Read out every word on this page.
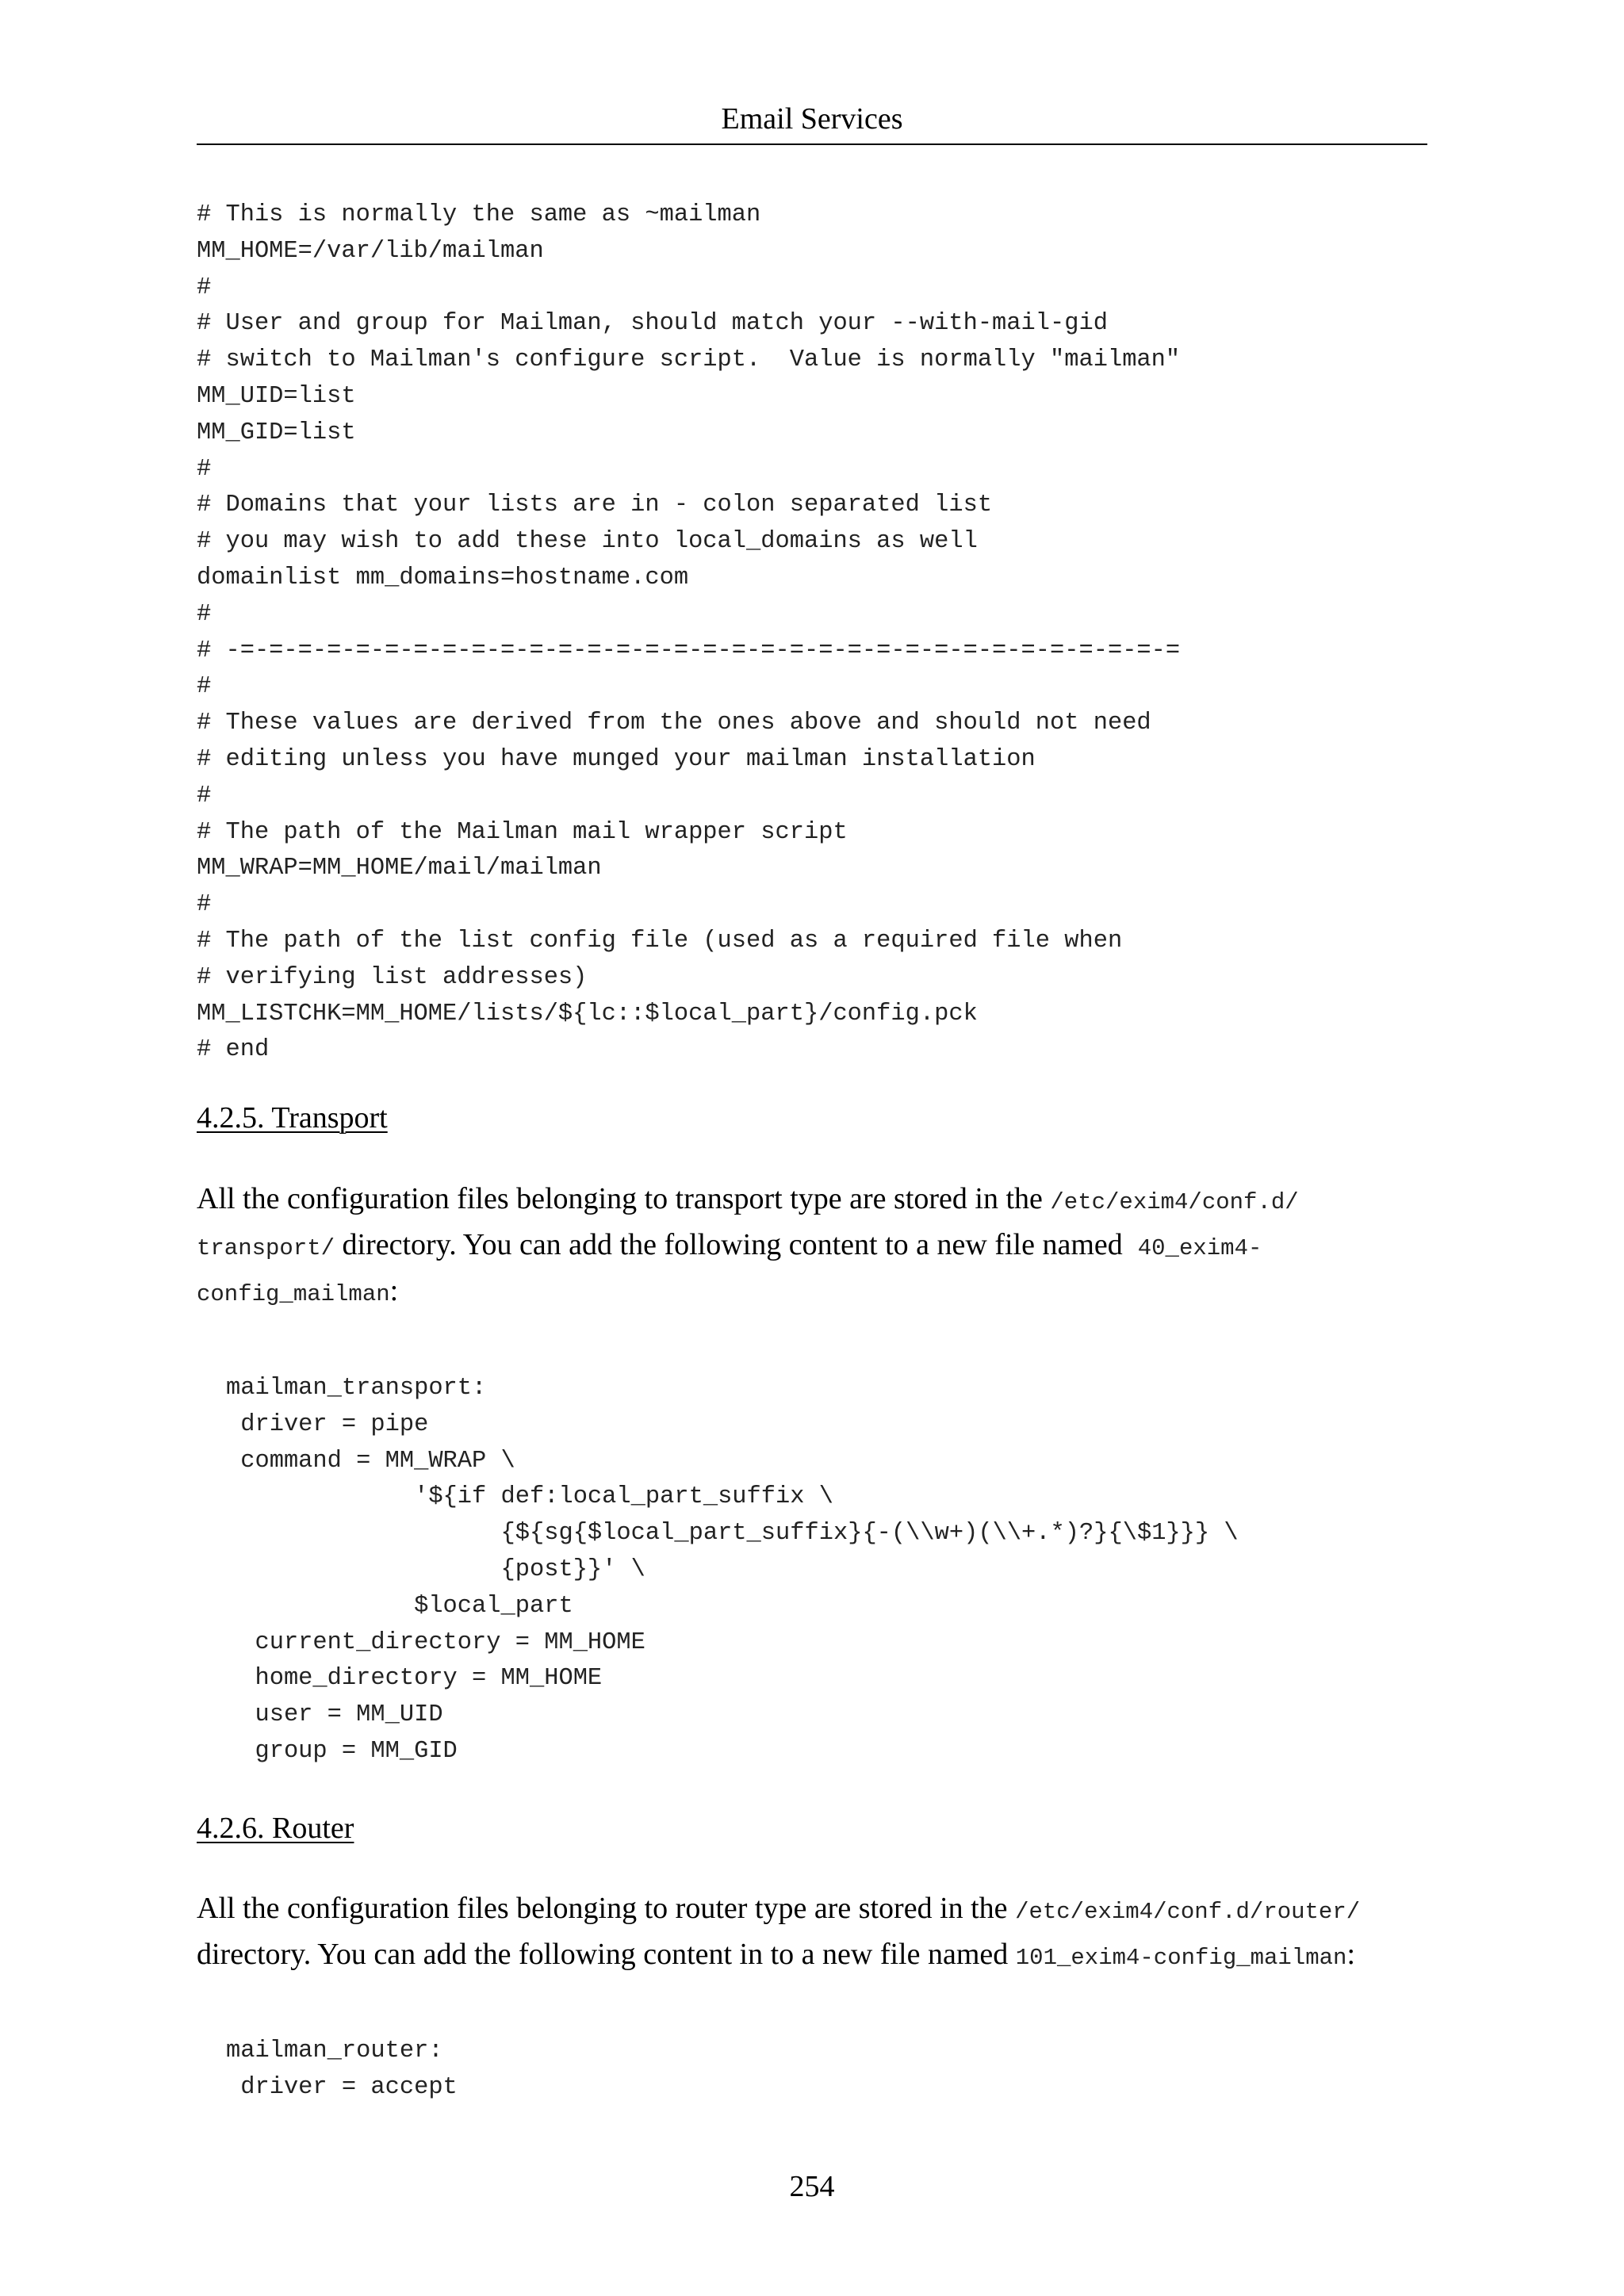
Email Services
# This is normally the same as ~mailman
MM_HOME=/var/lib/mailman
#
# User and group for Mailman, should match your --with-mail-gid
# switch to Mailman's configure script.  Value is normally "mailman"
MM_UID=list
MM_GID=list
#
# Domains that your lists are in - colon separated list
# you may wish to add these into local_domains as well
domainlist mm_domains=hostname.com
#
# -=-=-=-=-=-=-=-=-=-=-=-=-=-=-=-=-=-=-=-=-=-=-=-=-=-=-=-=-=-=-=-=-=
#
# These values are derived from the ones above and should not need
# editing unless you have munged your mailman installation
#
# The path of the Mailman mail wrapper script
MM_WRAP=MM_HOME/mail/mailman
#
# The path of the list config file (used as a required file when
# verifying list addresses)
MM_LISTCHK=MM_HOME/lists/${lc::$local_part}/config.pck
# end
4.2.5. Transport

All the configuration files belonging to transport type are stored in the /etc/exim4/conf.d/
transport/ directory. You can add the following content to a new file named  40_exim4-
config_mailman:

mailman_transport:
driver = pipe
command = MM_WRAP \
'${if def:local_part_suffix \
{${sg{$local_part_suffix}{-(\\w+)(\\+.*)?}{\$1}}} \
{post}}' \
$local_part
current_directory = MM_HOME
home_directory = MM_HOME
user = MM_UID
group = MM_GID
4.2.6. Router

All the configuration files belonging to router type are stored in the /etc/exim4/conf.d/router/
directory. You can add the following content in to a new file named 101_exim4-config_mailman:

mailman_router:
driver = accept
254
